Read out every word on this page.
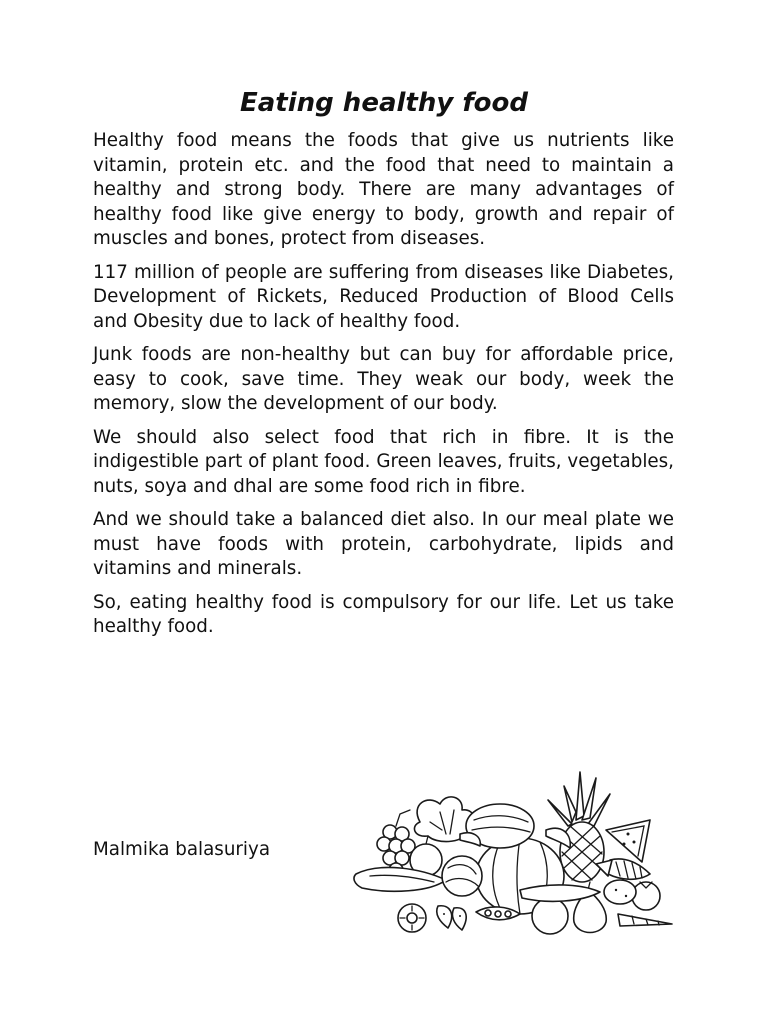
Eating healthy food

Healthy food means the foods that give us nutrients like vitamin, protein etc. and the food that need to maintain a healthy and strong body. There are many advantages of healthy food like give energy to body, growth and repair of muscles and bones, protect from diseases.

117 million of people are suffering from diseases like Diabetes, Development of Rickets, Reduced Production of Blood Cells and Obesity due to lack of healthy food.

Junk foods are non-healthy but can buy for affordable price, easy to cook, save time. They weak our body, week the memory, slow the development of our body.

We should also select food that rich in fibre. It is the indigestible part of plant food. Green leaves, fruits, vegetables, nuts, soya and dhal are some food rich in fibre.

And we should take a balanced diet also. In our meal plate we must have foods with protein, carbohydrate, lipids and vitamins and minerals.

So, eating healthy food is compulsory for our life. Let us take healthy food.

Malmika balasuriya
